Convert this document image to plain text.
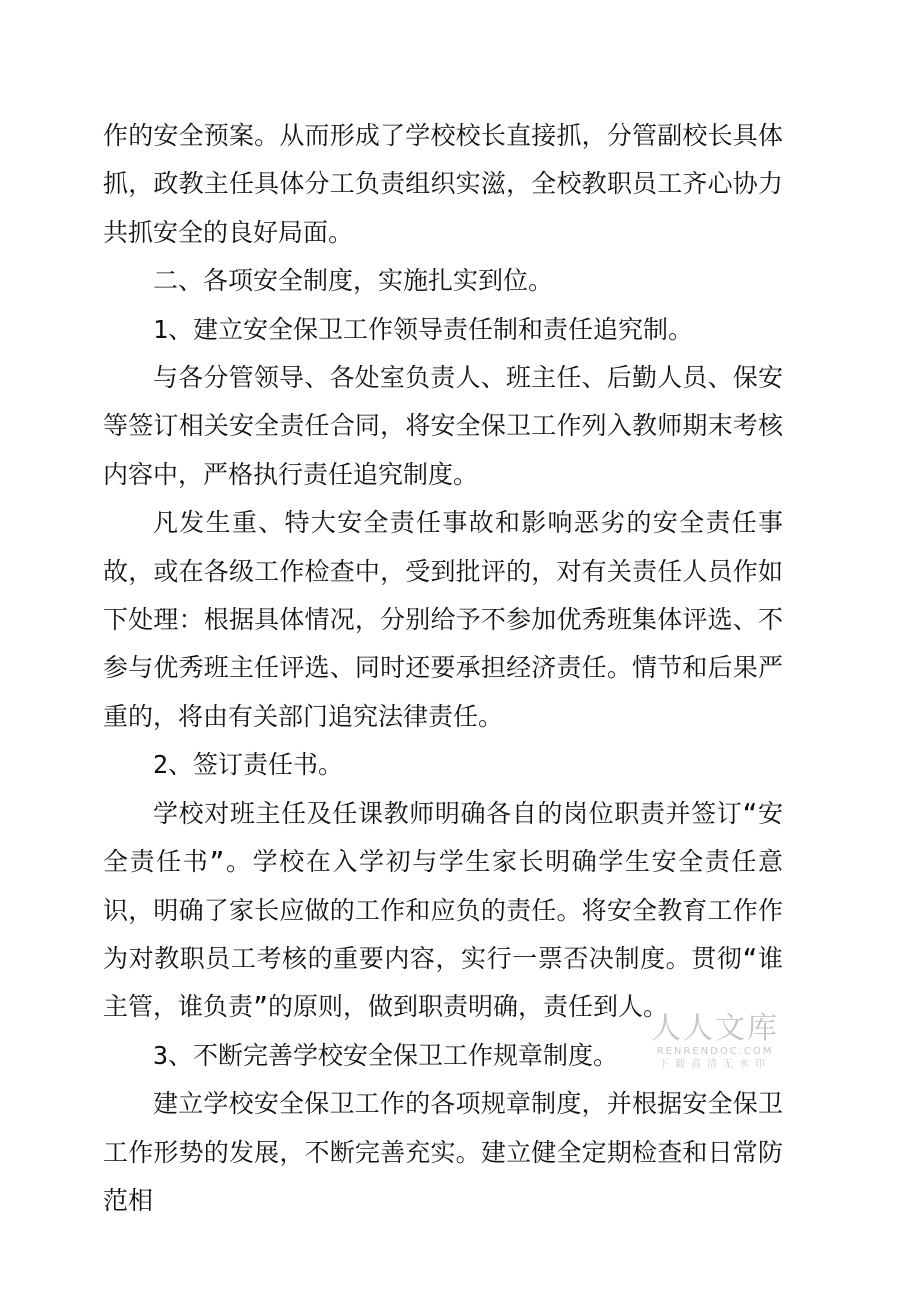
作的安全预案。从而形成了学校校长直接抓，分管副校长具体抓，政教主任具体分工负责组织实滋，全校教职员工齐心协力共抓安全的良好局面。

二、各项安全制度，实施扎实到位。

1、建立安全保卫工作领导责任制和责任追究制。

与各分管领导、各处室负责人、班主任、后勤人员、保安等签订相关安全责任合同，将安全保卫工作列入教师期末考核内容中，严格执行责任追究制度。

凡发生重、特大安全责任事故和影响恶劣的安全责任事故，或在各级工作检查中，受到批评的，对有关责任人员作如下处理：根据具体情况，分别给予不参加优秀班集体评选、不参与优秀班主任评选、同时还要承担经济责任。情节和后果严重的，将由有关部门追究法律责任。

2、签订责任书。

学校对班主任及任课教师明确各自的岗位职责并签订“安全责任书”。学校在入学初与学生家长明确学生安全责任意识，明确了家长应做的工作和应负的责任。将安全教育工作作为对教职员工考核的重要内容，实行一票否决制度。贯彻“谁主管，谁负责”的原则，做到职责明确，责任到人。

3、不断完善学校安全保卫工作规章制度。

建立学校安全保卫工作的各项规章制度，并根据安全保卫工作形势的发展，不断完善充实。建立健全定期检查和日常防范相

人人文库
RENRENDOC.COM
下载高清无水印
